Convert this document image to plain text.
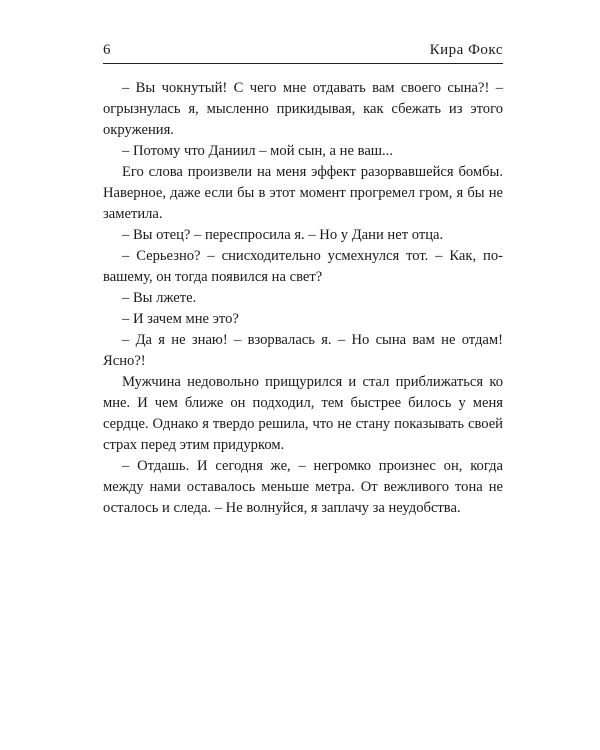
6	Кира Фокс

– Вы чокнутый! С чего мне отдавать вам своего сына?! – огрызнулась я, мысленно прикидывая, как сбежать из этого окружения.

– Потому что Даниил – мой сын, а не ваш...

Его слова произвели на меня эффект разорвавшейся бомбы. Наверное, даже если бы в этот момент прогремел гром, я бы не заметила.

– Вы отец? – переспросила я. – Но у Дани нет отца.

– Серьезно? – снисходительно усмехнулся тот. – Как, по-вашему, он тогда появился на свет?

– Вы лжете.

– И зачем мне это?

– Да я не знаю! – взорвалась я. – Но сына вам не отдам! Ясно?!

Мужчина недовольно прищурился и стал приближаться ко мне. И чем ближе он подходил, тем быстрее билось у меня сердце. Однако я твердо решила, что не стану показывать своей страх перед этим придурком.

– Отдашь. И сегодня же, – негромко произнес он, когда между нами оставалось меньше метра. От вежливого тона не осталось и следа. – Не волнуйся, я заплачу за неудобства.
